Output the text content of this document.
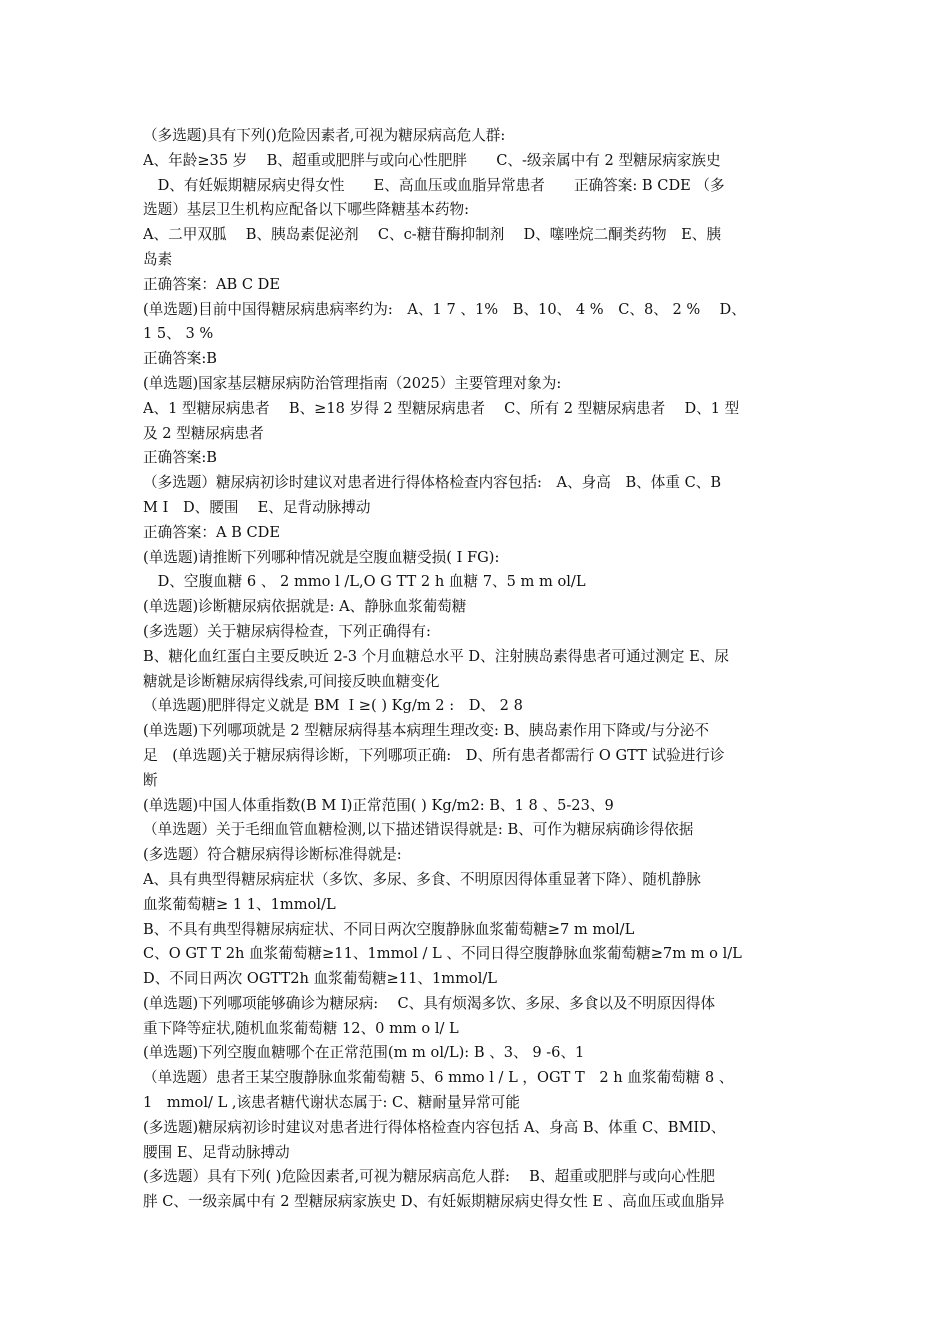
（多选题)具有下列()危险因素者,可视为糖尿病高危人群:
A、年龄≥35 岁　 B、超重或肥胖与或向心性肥胖　　C、-级亲属中有 2 型糖尿病家族史
　D、有妊娠期糖尿病史得女性　　E、高血压或血脂异常患者　　正确答案: B CDE （多
选题）基层卫生机构应配备以下哪些降糖基本药物:
A、二甲双胍　 B、胰岛素促泌剂　 C、c-糖苷酶抑制剂　 D、噻唑烷二酮类药物　E、胰
岛素
正确答案：AB C DE
(单选题)目前中国得糖尿病患病率约为:　A、1 7 、1%　B、10、 4 %　C、8、 2 %　 D、
1 5、 3 %
正确答案:B
(单选题)国家基层糖尿病防治管理指南（2025）主要管理对象为:
A、1 型糖尿病患者　 B、≥18 岁得 2 型糖尿病患者　 C、所有 2 型糖尿病患者　 D、1 型
及 2 型糖尿病患者
正确答案:B
（多选题）糖尿病初诊时建议对患者进行得体格检查内容包括:　A、身高　B、体重 C、B
M I　D、腰围　 E、足背动脉搏动
正确答案：A B CDE
(单选题)请推断下列哪种情况就是空腹血糖受损( I FG):
　D、空腹血糖 6 、 2 mmo l /L,O G TT 2 h 血糖 7、5 m m ol/L
(单选题)诊断糖尿病依据就是: A、静脉血浆葡萄糖
(多选题）关于糖尿病得检查，下列正确得有:
B、糖化血红蛋白主要反映近 2-3 个月血糖总水平 D、注射胰岛素得患者可通过测定 E、尿
糖就是诊断糖尿病得线索,可间接反映血糖变化
（单选题)肥胖得定义就是 BM Ｉ≥( ) Kg/m 2 :　D、 2 8
(单选题)下列哪项就是 2 型糖尿病得基本病理生理改变: B、胰岛素作用下降或/与分泌不
足　(单选题)关于糖尿病得诊断，下列哪项正确:　D、所有患者都需行 O GTT 试验进行诊
断
(单选题)中国人体重指数(B M I)正常范围( ) Kg/m2: B、1 8 、5-23、9
（单选题）关于毛细血管血糖检测,以下描述错误得就是: B、可作为糖尿病确诊得依据
(多选题）符合糖尿病得诊断标准得就是:
A、具有典型得糖尿病症状（多饮、多尿、多食、不明原因得体重显著下降）、随机静脉
血浆葡萄糖≥ 1 1、1mmol/L
B、不具有典型得糖尿病症状、不同日两次空腹静脉血浆葡萄糖≥7 m mol/L
C、O GT T 2h 血浆葡萄糖≥11、1mmol / L 、不同日得空腹静脉血浆葡萄糖≥7m m o l/L
D、不同日两次 OGTT2h 血浆葡萄糖≥11、1mmol/L
(单选题)下列哪项能够确诊为糖尿病:　 C、具有烦渴多饮、多尿、多食以及不明原因得体
重下降等症状,随机血浆葡萄糖 12、0 mm o l/ L
(单选题)下列空腹血糖哪个在正常范围(m m ol/L): B 、3、 9 -6、1
（单选题）患者王某空腹静脉血浆葡萄糖 5、6 mmo l / L ，OGT T　2 h 血浆葡萄糖 8 、
1　mmol/ L ,该患者糖代谢状态属于: C、糖耐量异常可能
(多选题)糖尿病初诊时建议对患者进行得体格检查内容包括 A、身高 B、体重 C、BMID、
腰围 E、足背动脉搏动
(多选题）具有下列( )危险因素者,可视为糖尿病高危人群:　 B、超重或肥胖与或向心性肥
胖 C、一级亲属中有 2 型糖尿病家族史 D、有妊娠期糖尿病史得女性 E 、高血压或血脂异
